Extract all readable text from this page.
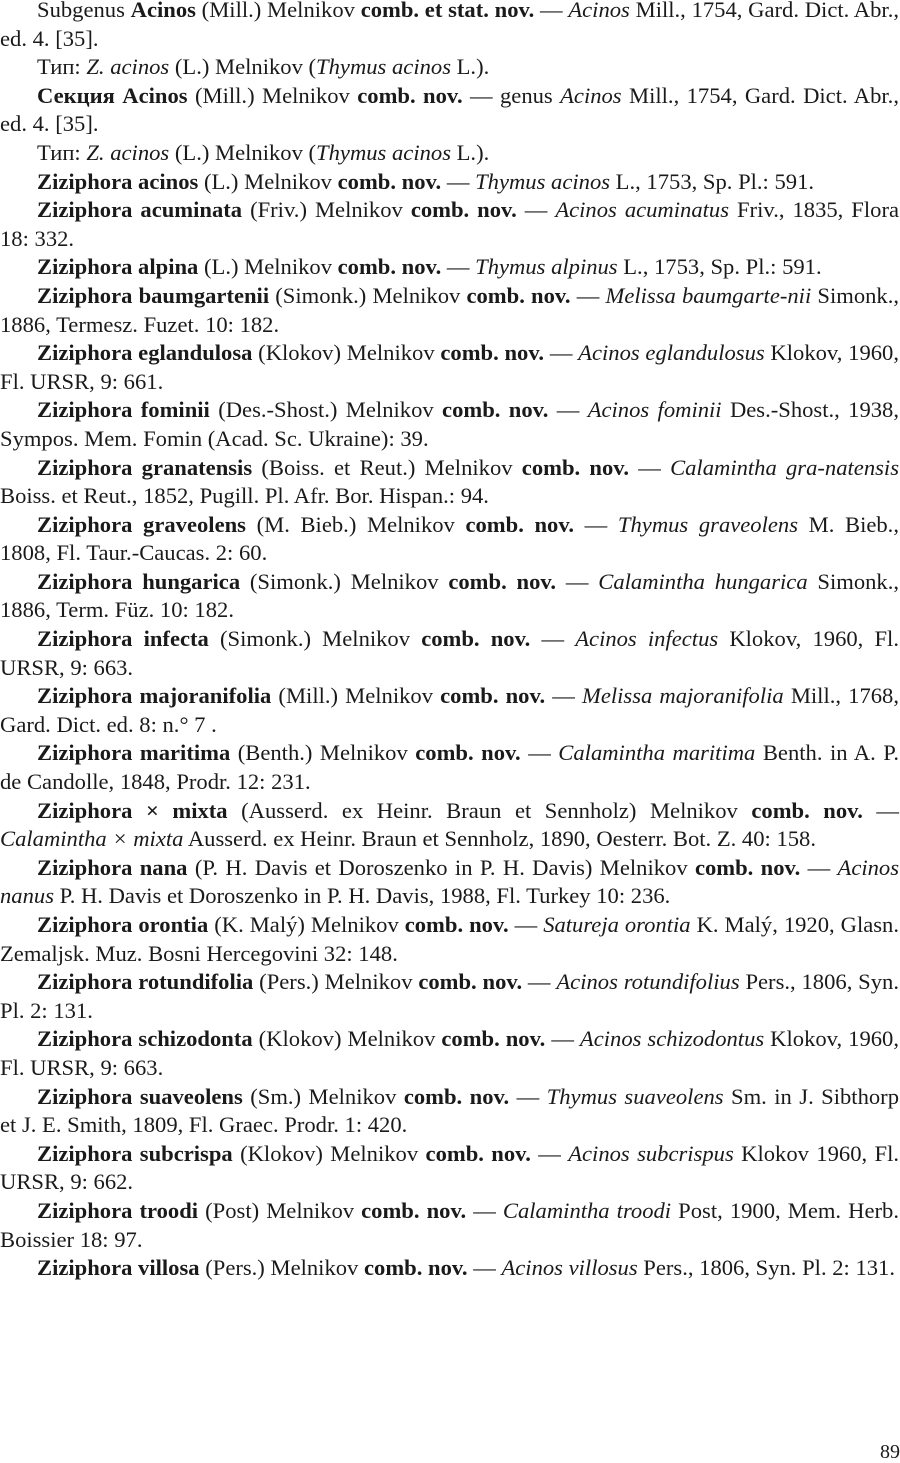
Subgenus Acinos (Mill.) Melnikov comb. et stat. nov. — Acinos Mill., 1754, Gard. Dict. Abr., ed. 4. [35].

Тип: Z. acinos (L.) Melnikov (Thymus acinos L.).

Секция Acinos (Mill.) Melnikov comb. nov. — genus Acinos Mill., 1754, Gard. Dict. Abr., ed. 4. [35].

Тип: Z. acinos (L.) Melnikov (Thymus acinos L.).

Ziziphora acinos (L.) Melnikov comb. nov. — Thymus acinos L., 1753, Sp. Pl.: 591.

Ziziphora acuminata (Friv.) Melnikov comb. nov. — Acinos acuminatus Friv., 1835, Flora 18: 332.

Ziziphora alpina (L.) Melnikov comb. nov. — Thymus alpinus L., 1753, Sp. Pl.: 591.

Ziziphora baumgartenii (Simonk.) Melnikov comb. nov. — Melissa baumgarte-nii Simonk., 1886, Termesz. Fuzet. 10: 182.

Ziziphora eglandulosa (Klokov) Melnikov comb. nov. — Acinos eglandulosus Klokov, 1960, Fl. URSR, 9: 661.

Ziziphora fominii (Des.-Shost.) Melnikov comb. nov. — Acinos fominii Des.-Shost., 1938, Sympos. Mem. Fomin (Acad. Sc. Ukraine): 39.

Ziziphora granatensis (Boiss. et Reut.) Melnikov comb. nov. — Calamintha gra-natensis Boiss. et Reut., 1852, Pugill. Pl. Afr. Bor. Hispan.: 94.

Ziziphora graveolens (M. Bieb.) Melnikov comb. nov. — Thymus graveolens M. Bieb., 1808, Fl. Taur.-Caucas. 2: 60.

Ziziphora hungarica (Simonk.) Melnikov comb. nov. — Calamintha hungarica Simonk., 1886, Term. Füz. 10: 182.

Ziziphora infecta (Simonk.) Melnikov comb. nov. — Acinos infectus Klokov, 1960, Fl. URSR, 9: 663.

Ziziphora majoranifolia (Mill.) Melnikov comb. nov. — Melissa majoranifolia Mill., 1768, Gard. Dict. ed. 8: n.° 7 .

Ziziphora maritima (Benth.) Melnikov comb. nov. — Calamintha maritima Benth. in A. P. de Candolle, 1848, Prodr. 12: 231.

Ziziphora × mixta (Ausserd. ex Heinr. Braun et Sennholz) Melnikov comb. nov. — Calamintha × mixta Ausserd. ex Heinr. Braun et Sennholz, 1890, Oesterr. Bot. Z. 40: 158.

Ziziphora nana (P. H. Davis et Doroszenko in P. H. Davis) Melnikov comb. nov. — Acinos nanus P. H. Davis et Doroszenko in P. H. Davis, 1988, Fl. Turkey 10: 236.

Ziziphora orontia (K. Malý) Melnikov comb. nov. — Satureja orontia K. Malý, 1920, Glasn. Zemaljsk. Muz. Bosni Hercegovini 32: 148.

Ziziphora rotundifolia (Pers.) Melnikov comb. nov. — Acinos rotundifolius Pers., 1806, Syn. Pl. 2: 131.

Ziziphora schizodonta (Klokov) Melnikov comb. nov. — Acinos schizodontus Klokov, 1960, Fl. URSR, 9: 663.

Ziziphora suaveolens (Sm.) Melnikov comb. nov. — Thymus suaveolens Sm. in J. Sibthorp et J. E. Smith, 1809, Fl. Graec. Prodr. 1: 420.

Ziziphora subcrispa (Klokov) Melnikov comb. nov. — Acinos subcrispus Klokov 1960, Fl. URSR, 9: 662.

Ziziphora troodi (Post) Melnikov comb. nov. — Calamintha troodi Post, 1900, Mem. Herb. Boissier 18: 97.

Ziziphora villosa (Pers.) Melnikov comb. nov. — Acinos villosus Pers., 1806, Syn. Pl. 2: 131.

89
